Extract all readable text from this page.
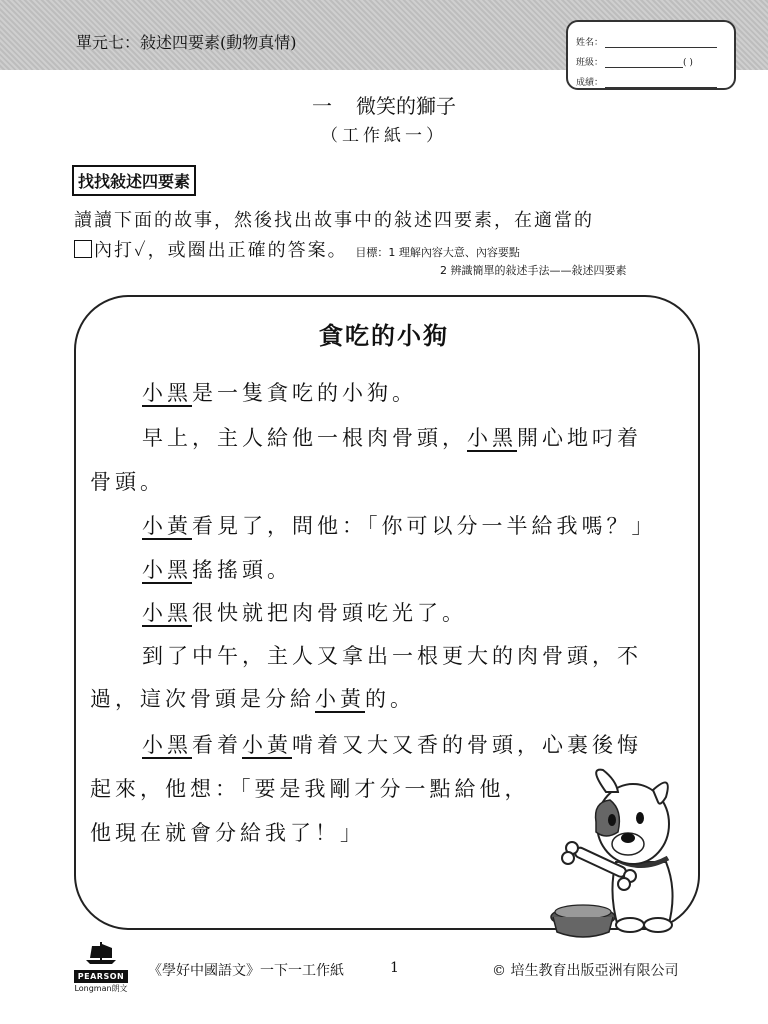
單元七：敍述四要素(動物真情)	姓名：
班級：	( )
成績：
一 微笑的獅子
（工作紙一）
找找敍述四要素
讀讀下面的故事，然後找出故事中的敍述四要素，在適當的
內打✓，或圈出正確的答案。 目標：1 理解內容大意、內容要點
2 辨識簡單的敍述手法——敍述四要素
貪吃的小狗
小黑是一隻貪吃的小狗。
早上，主人給他一根肉骨頭，小黑開心地叼着
骨頭。
小黃看見了，問他：「你可以分一半給我嗎？」
小黑搖搖頭。
小黑很快就把肉骨頭吃光了。
到了中午，主人又拿出一根更大的肉骨頭，不
過，這次骨頭是分給小黃的。
小黑看着小黃啃着又大又香的骨頭，心裏後悔
起來，他想：「要是我剛才分一點給他，
他現在就會分給我了！」
PEARSON
Longman朗文
《學好中國語文》一下一工作紙	1	© 培生教育出版亞洲有限公司
